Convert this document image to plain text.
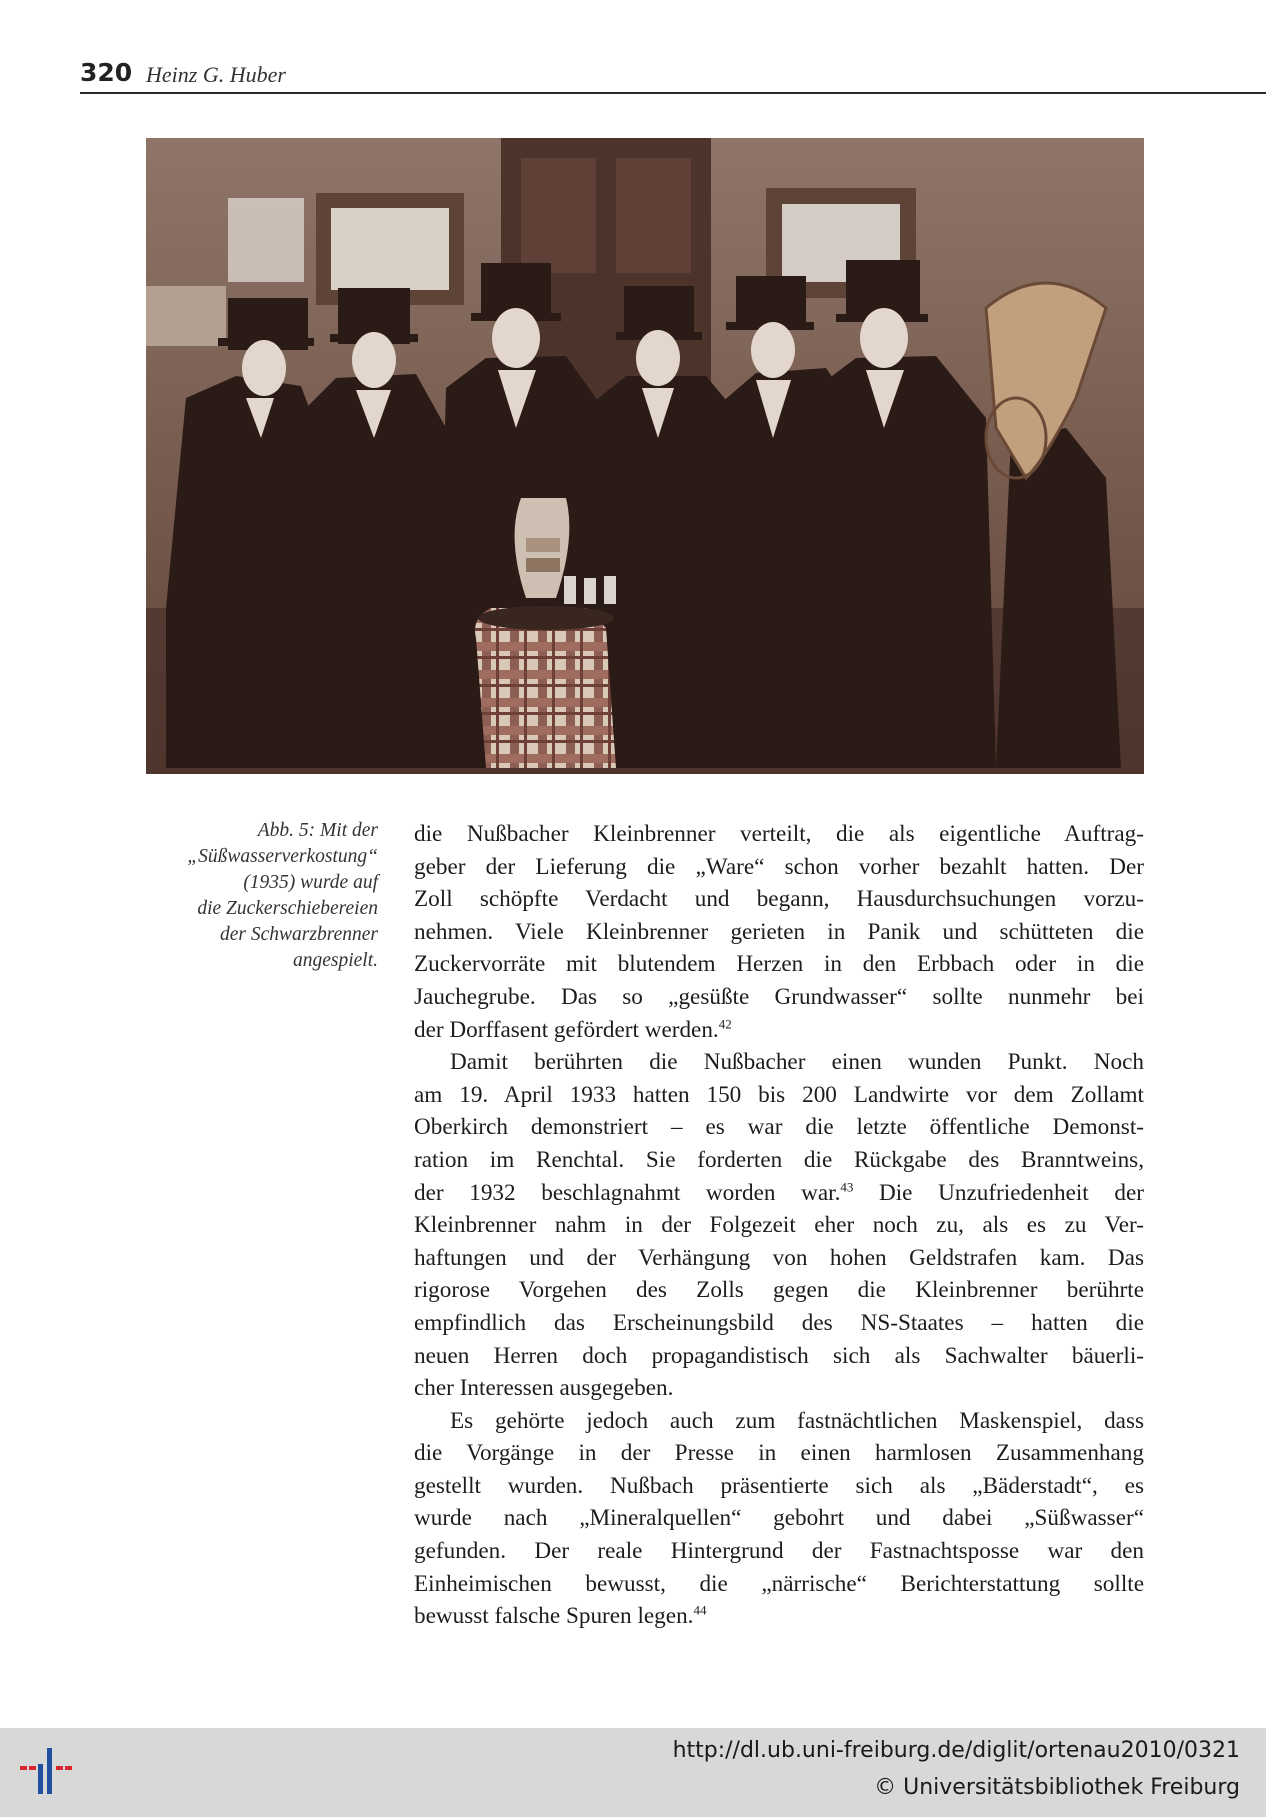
320 Heinz G. Huber
Abb. 5: Mit der
„Süßwasserverkostung“
(1935) wurde auf
die Zuckerschiebereien
der Schwarzbrenner
angespielt.
die Nußbacher Kleinbrenner verteilt, die als eigentliche Auftrag-
geber der Lieferung die „Ware“ schon vorher bezahlt hatten. Der
Zoll schöpfte Verdacht und begann, Hausdurchsuchungen vorzu-
nehmen. Viele Kleinbrenner gerieten in Panik und schütteten die
Zuckervorräte mit blutendem Herzen in den Erbbach oder in die
Jauchegrube. Das so „gesüßte Grundwasser“ sollte nunmehr bei
der Dorffasent gefördert werden.$^{42}$
Damit berührten die Nußbacher einen wunden Punkt. Noch
am 19. April 1933 hatten 150 bis 200 Landwirte vor dem Zollamt
Oberkirch demonstriert – es war die letzte öffentliche Demonst-
ration im Renchtal. Sie forderten die Rückgabe des Branntweins,
der 1932 beschlagnahmt worden war.$^{43}$ Die Unzufriedenheit der
Kleinbrenner nahm in der Folgezeit eher noch zu, als es zu Ver-
haftungen und der Verhängung von hohen Geldstrafen kam. Das
rigorose Vorgehen des Zolls gegen die Kleinbrenner berührte
empfindlich das Erscheinungsbild des NS-Staates – hatten die
neuen Herren doch propagandistisch sich als Sachwalter bäuerli-
cher Interessen ausgegeben.
Es gehörte jedoch auch zum fastnächtlichen Maskenspiel, dass
die Vorgänge in der Presse in einen harmlosen Zusammenhang
gestellt wurden. Nußbach präsentierte sich als „Bäderstadt“, es
wurde nach „Mineralquellen“ gebohrt und dabei „Süßwasser“
gefunden. Der reale Hintergrund der Fastnachtsposse war den
Einheimischen bewusst, die „närrische“ Berichterstattung sollte
bewusst falsche Spuren legen.$^{44}$
http://dl.ub.uni-freiburg.de/diglit/ortenau2010/0321
© Universitätsbibliothek Freiburg
